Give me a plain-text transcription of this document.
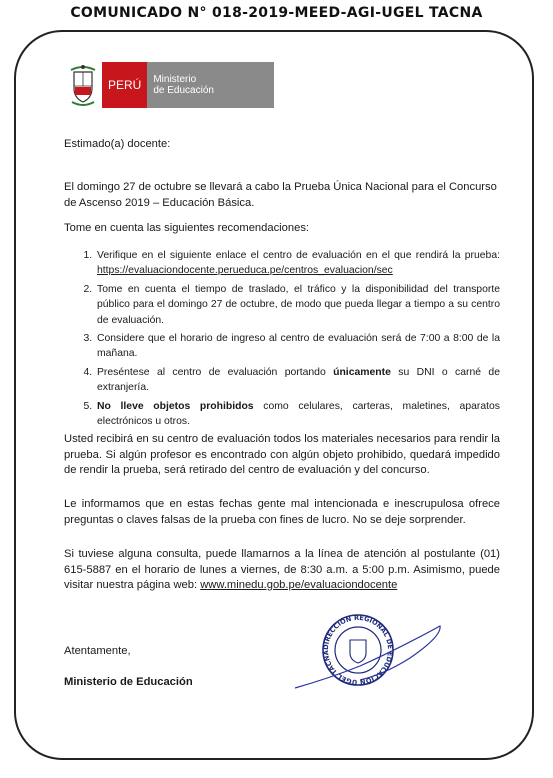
COMUNICADO N° 018-2019-MEED-AGI-UGEL TACNA
PERÚ	Ministerio
de Educación

Estimado(a) docente:

El domingo 27 de octubre se llevará a cabo la Prueba Única Nacional para el Concurso de Ascenso 2019 – Educación Básica.

Tome en cuenta las siguientes recomendaciones:

1. Verifique en el siguiente enlace el centro de evaluación en el que rendirá la prueba: https://evaluaciondocente.perueduca.pe/centros_evaluacion/sec
2. Tome en cuenta el tiempo de traslado, el tráfico y la disponibilidad del transporte público para el domingo 27 de octubre, de modo que pueda llegar a tiempo a su centro de evaluación.
3. Considere que el horario de ingreso al centro de evaluación será de 7:00 a 8:00 de la mañana.
4. Preséntese al centro de evaluación portando únicamente su DNI o carné de extranjería.
5. No lleve objetos prohibidos como celulares, carteras, maletines, aparatos electrónicos u otros.

Usted recibirá en su centro de evaluación todos los materiales necesarios para rendir la prueba. Si algún profesor es encontrado con algún objeto prohibido, quedará impedido de rendir la prueba, será retirado del centro de evaluación y del concurso.

Le informamos que en estas fechas gente mal intencionada e inescrupulosa ofrece preguntas o claves falsas de la prueba con fines de lucro. No se deje sorprender.

Si tuviese alguna consulta, puede llamarnos a la línea de atención al postulante (01) 615-5887 en el horario de lunes a viernes, de 8:30 a.m. a 5:00 p.m. Asimismo, puede visitar nuestra página web: www.minedu.gob.pe/evaluaciondocente

Atentamente,

Ministerio de Educación

DIRECCIÓN REGIONAL DE EDUCACIÓN UGEL TACNA
